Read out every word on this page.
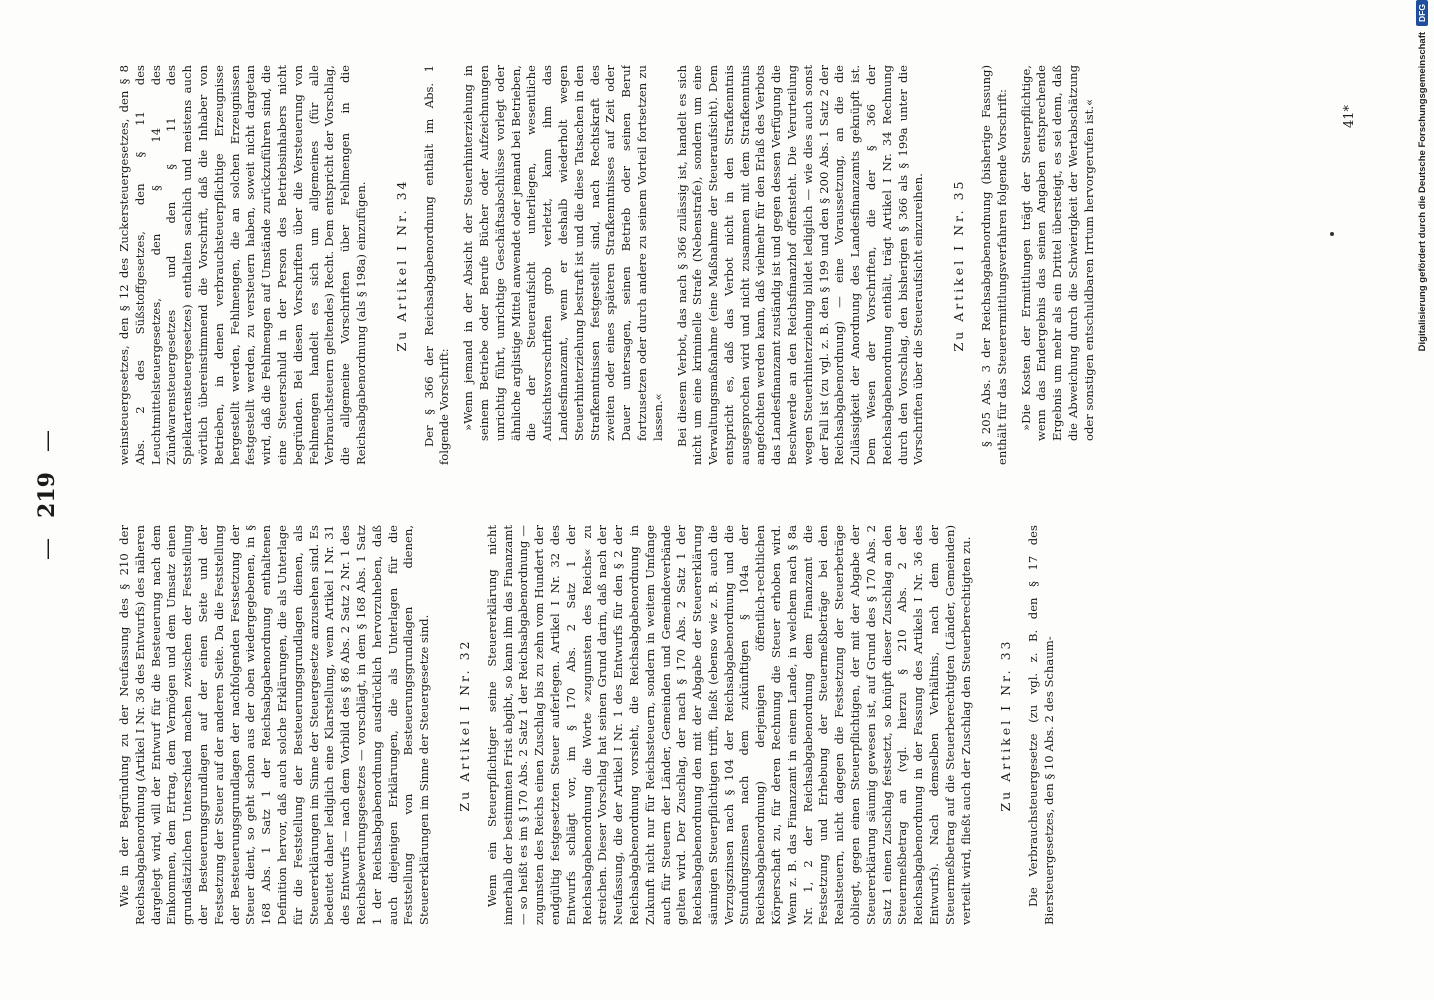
—
219
—

Wie in der Begründung zu der Neufassung des § 210 der Reichsabgabenordnung (Artikel I Nr. 36 des Entwurfs) des näheren dargelegt wird, will der Entwurf für die Besteuerung nach dem Einkommen, dem Ertrag, dem Vermögen und dem Umsatz einen grundsätzlichen Unterschied machen zwischen der Feststellung der Besteuerungsgrundlagen auf der einen Seite und der Festsetzung der Steuer auf der anderen Seite. Da die Feststellung der Besteuerungsgrundlagen der nachfolgenden Festsetzung der Steuer dient, so geht schon aus der oben wiedergegebenen, in § 168 Abs. 1 Satz 1 der Reichsabgabenordnung enthaltenen Definition hervor, daß auch solche Erklärungen, die als Unterlage für die Feststellung der Besteuerungsgrundlagen dienen, als Steuererklärungen im Sinne der Steuergesetze anzusehen sind. Es bedeutet daher lediglich eine Klarstellung, wenn Artikel I Nr. 31 des Entwurfs — nach dem Vorbild des § 86 Abs. 2 Satz 2 Nr. 1 des Reichsbewertungsgesetzes — vorschlägt, in dem § 168 Abs. 1 Satz 1 der Reichsabgabenordnung ausdrücklich hervorzuheben, daß auch diejenigen Erklärungen, die als Unterlagen für die Feststellung von Besteuerungsgrundlagen dienen, Steuererklärungen im Sinne der Steuergesetze sind. Zu Artikel I Nr. 32 Wenn ein Steuerpflichtiger seine Steuererklärung nicht innerhalb der bestimmten Frist abgibt, so kann ihm das Finanzamt — so heißt es im § 170 Abs. 2 Satz 1 der Reichsabgabenordnung — zugunsten des Reichs einen Zuschlag bis zu zehn vom Hundert der endgültig festgesetzten Steuer auferlegen. Artikel I Nr. 32 des Entwurfs schlägt vor, im § 170 Abs. 2 Satz 1 der Reichsabgabenordnung die Worte »zugunsten des Reichs« zu streichen. Dieser Vorschlag hat seinen Grund darin, daß nach der Neufassung, die der Artikel I Nr. 1 des Entwurfs für den § 2 der Reichsabgabenordnung vorsieht, die Reichsabgabenordnung in Zukunft nicht nur für Reichssteuern, sondern in weitem Umfange auch für Steuern der Länder, Gemeinden und Gemeindeverbände gelten wird. Der Zuschlag, der nach § 170 Abs. 2 Satz 1 der Reichsabgabenordnung den mit der Abgabe der Steuererklärung säumigen Steuerpflichtigen trifft, fließt (ebenso wie z. B. auch die Verzugszinsen nach § 104 der Reichsabgabenordnung und die Stundungszinsen nach dem zukünftigen § 104a der Reichsabgabenordnung) derjenigen öffentlich-rechtlichen Körperschaft zu, für deren Rechnung die Steuer erhoben wird. Wenn z. B. das Finanzamt in einem Lande, in welchem nach § 8a Nr. 1, 2 der Reichsabgabenordnung dem Finanzamt die Festsetzung und Erhebung der Steuermeßbeträge bei den Realsteuern, nicht dagegen die Festsetzung der Steuerbeträge obliegt, gegen einen Steuerpflichtigen, der mit der Abgabe der Steuererklärung säumig gewesen ist, auf Grund des § 170 Abs. 2 Satz 1 einen Zuschlag festsetzt, so knüpft dieser Zuschlag an den Steuermeßbetrag an (vgl. hierzu § 210 Abs. 2 der Reichsabgabenordnung in der Fassung des Artikels I Nr. 36 des Entwurfs). Nach demselben Verhältnis, nach dem der Steuermeßbetrag auf die Steuerberechtigten (Länder, Gemeinden) verteilt wird, fließt auch der Zuschlag den Steuerberechtigten zu. Zu Artikel I Nr. 33 Die Verbrauchsteuergesetze (zu vgl. z. B. den § 17 des Biersteuergesetzes, den § 10 Abs. 2 des Schaum-

weinsteuergesetzes, den § 12 des Zuckersteuergesetzes, den § 8 Abs. 2 des Süßstoffgesetzes, den § 11 des Leuchtmittelsteuergesetzes, den § 14 des Zündwarensteuergesetzes und den § 11 des Spielkartensteuergesetzes) enthalten sachlich und meistens auch wörtlich übereinstimmend die Vorschrift, daß die Inhaber von Betrieben, in denen verbrauchsteuerpflichtige Erzeugnisse hergestellt werden, Fehlmengen, die an solchen Erzeugnissen festgestellt werden, zu versteuern haben, soweit nicht dargetan wird, daß die Fehlmengen auf Umstände zurückzuführen sind, die eine Steuerschuld in der Person des Betriebsinhabers nicht begründen. Bei diesen Vorschriften über die Versteuerung von Fehlmengen handelt es sich um allgemeines (für alle Verbrauchsteuern geltendes) Recht. Dem entspricht der Vorschlag, die allgemeine Vorschriften über Fehlmengen in die Reichsabgabenordnung (als § 198a) einzufügen. Zu Artikel I Nr. 34 Der § 366 der Reichsabgabenordnung enthält im Abs. 1 folgende Vorschrift: »Wenn jemand in der Absicht der Steuerhinterziehung in seinem Betriebe oder Berufe Bücher oder Aufzeichnungen unrichtig führt, unrichtige Geschäftsabschlüsse vorlegt oder ähnliche arglistige Mittel anwendet oder jemand bei Betrieben, die der Steueraufsicht unterliegen, wesentliche Aufsichtsvorschriften grob verletzt, kann ihm das Landesfinanzamt, wenn er deshalb wiederholt wegen Steuerhinterziehung bestraft ist und die diese Tatsachen in den Strafkenntnissen festgestellt sind, nach Rechtskraft des zweiten oder eines späteren Strafkenntnisses auf Zeit oder Dauer untersagen, seinen Betrieb oder seinen Beruf fortzusetzen oder durch andere zu seinem Vorteil fortsetzen zu lassen.« Bei diesem Verbot, das nach § 366 zulässig ist, handelt es sich nicht um eine kriminelle Strafe (Nebenstrafe), sondern um eine Verwaltungsmaßnahme (eine Maßnahme der Steueraufsicht). Dem entspricht es, daß das Verbot nicht in den Strafkenntnis ausgesprochen wird und nicht zusammen mit dem Strafkenntnis angefochten werden kann, daß vielmehr für den Erlaß des Verbots das Landesfinanzamt zuständig ist und gegen dessen Verfügung die Beschwerde an den Reichsfinanzhof offensteht. Die Verurteilung wegen Steuerhinterziehung bildet lediglich — wie dies auch sonst der Fall ist (zu vgl. z. B. den § 199 und den § 200 Abs. 1 Satz 2 der Reichsabgabenordnung) — eine Voraussetzung, an die die Zulässigkeit der Anordnung des Landesfinanzamts geknüpft ist. Dem Wesen der Vorschriften, die der § 366 der Reichsabgabenordnung enthält, trägt Artikel I Nr. 34 Rechnung durch den Vorschlag, den bisherigen § 366 als § 199a unter die Vorschriften über die Steueraufsicht einzureihen. Zu Artikel I Nr. 35 § 205 Abs. 3 der Reichsabgabenordnung (bisherige Fassung) enthält für das Steuerermittlungsverfahren folgende Vorschrift: »Die Kosten der Ermittlungen trägt der Steuerpflichtige, wenn das Endergebnis das seinen Angaben entsprechende Ergebnis um mehr als ein Drittel übersteigt, es sei denn, daß die Abweichung durch die Schwierigkeit der Wertabschätzung oder sonstigen entschuldbaren Irrtum hervorgerufen ist.«	41*	Digitalisierung gefördert durch die Deutsche Forschungsgemeinschaft
DFG
